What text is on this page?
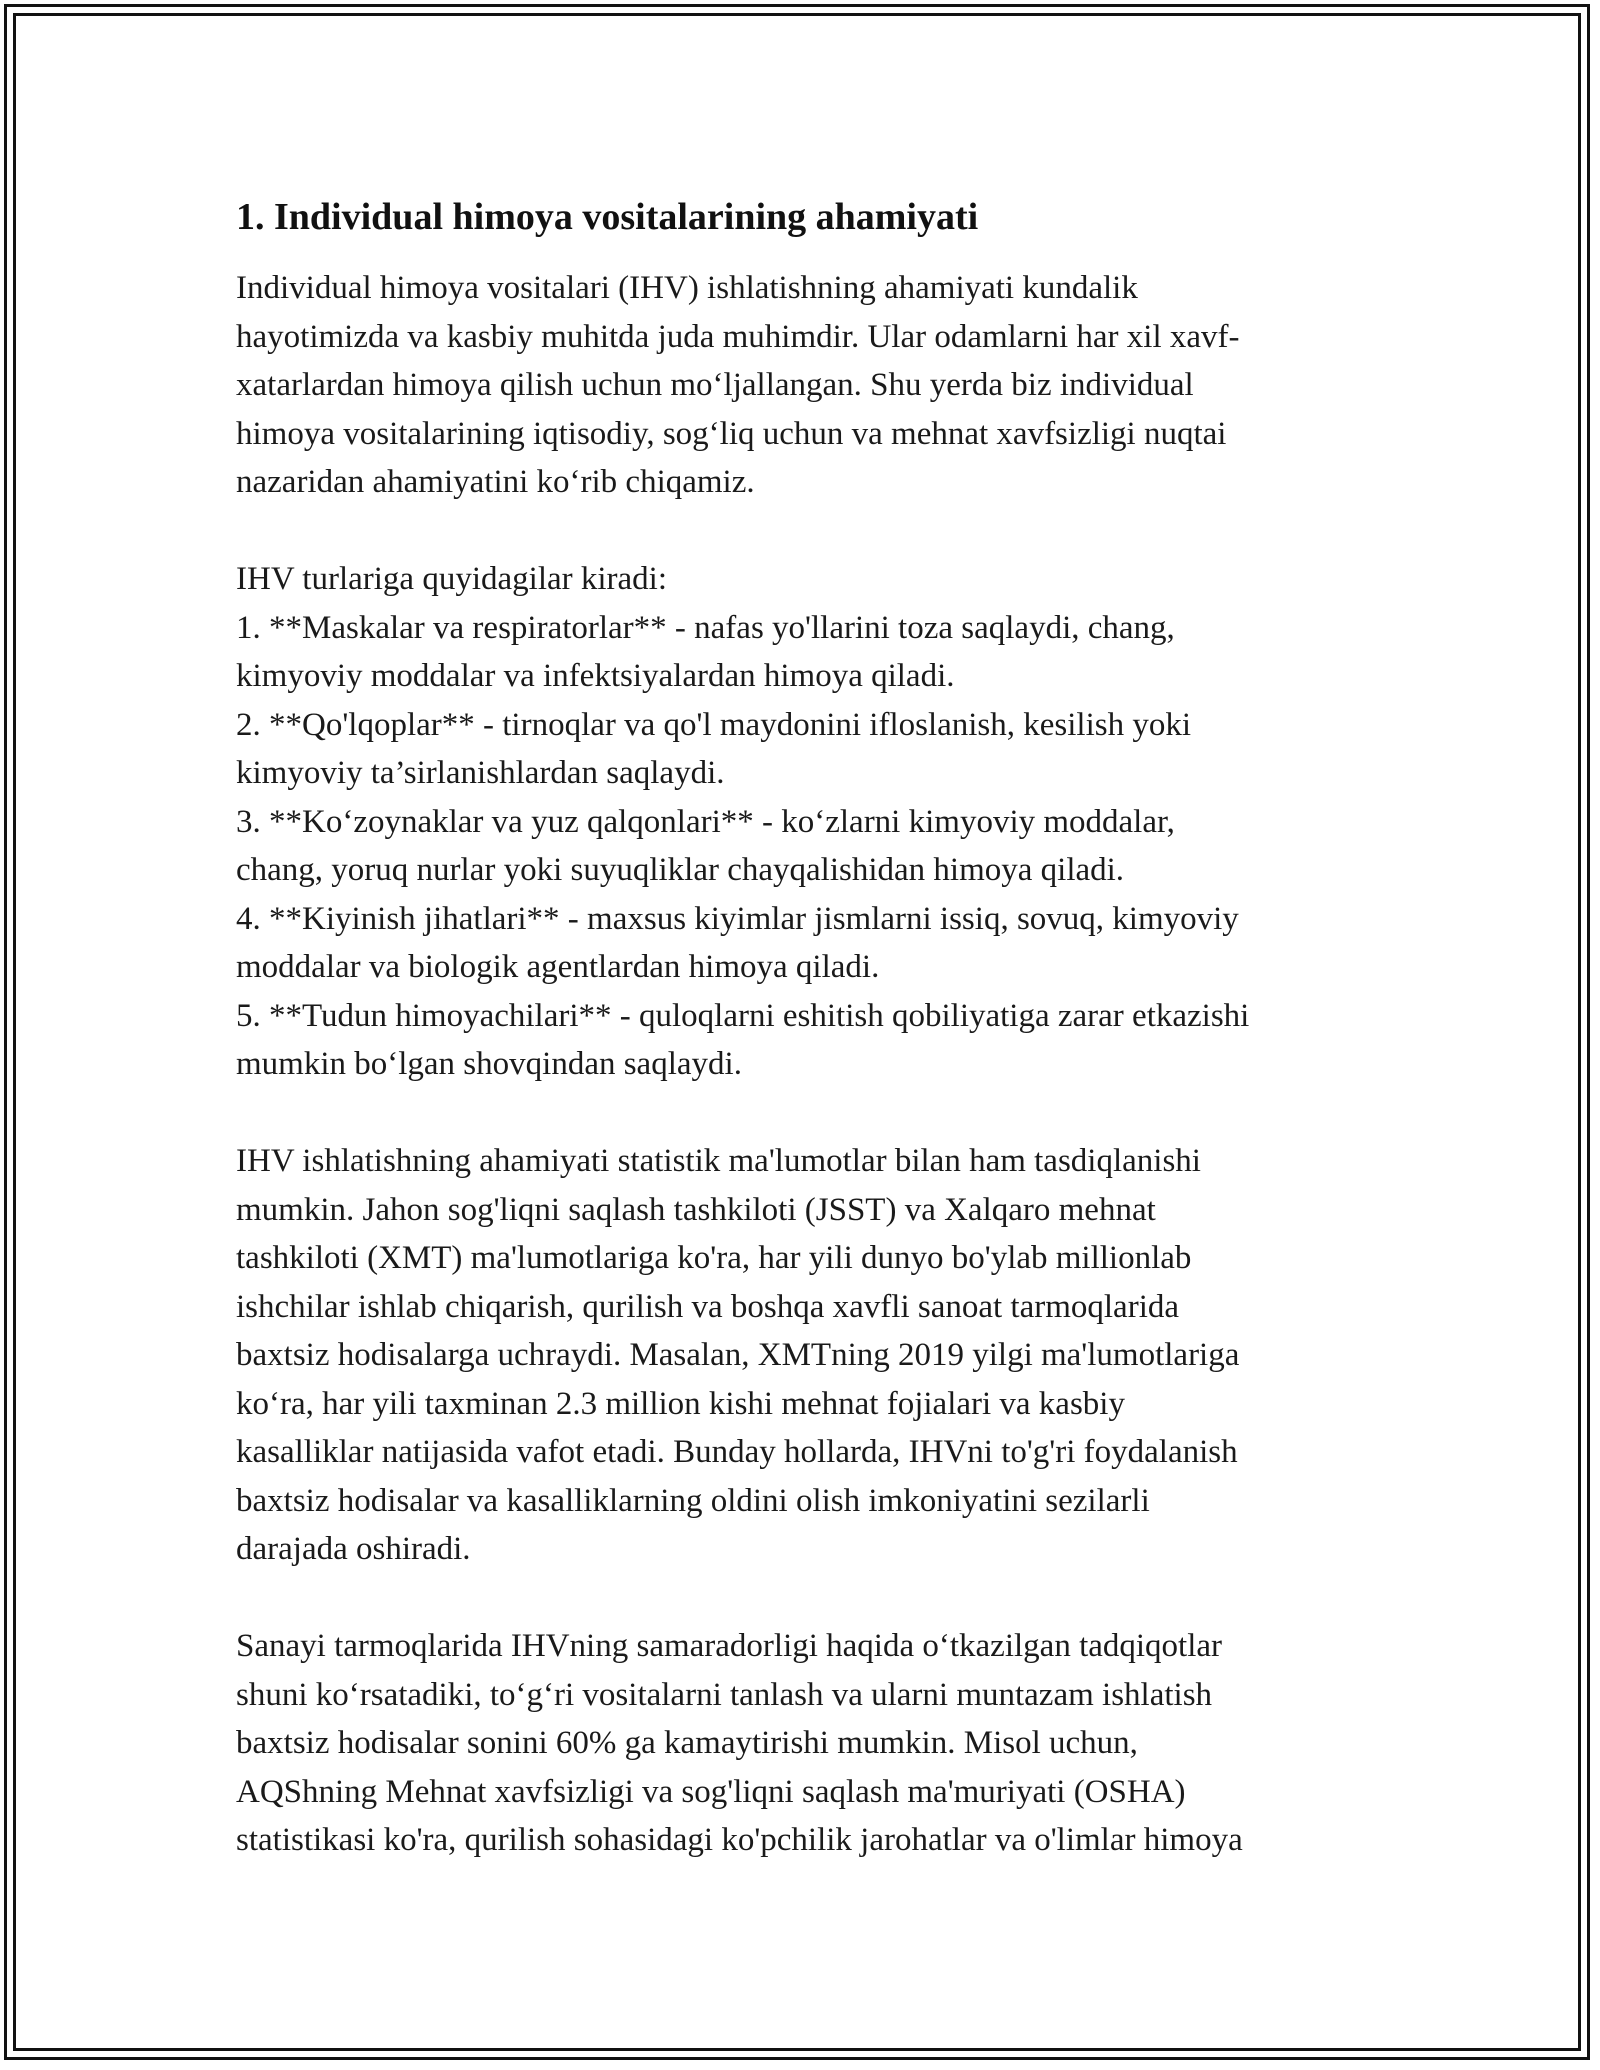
1. Individual himoya vositalarining ahamiyati
Individual himoya vositalari (IHV) ishlatishning ahamiyati kundalik
hayotimizda va kasbiy muhitda juda muhimdir. Ular odamlarni har xil xavf-
xatarlardan himoya qilish uchun mo‘ljallangan. Shu yerda biz individual
himoya vositalarining iqtisodiy, sog‘liq uchun va mehnat xavfsizligi nuqtai
nazaridan ahamiyatini ko‘rib chiqamiz.
IHV turlariga quyidagilar kiradi:
1. **Maskalar va respiratorlar** - nafas yo'llarini toza saqlaydi, chang,
kimyoviy moddalar va infektsiyalardan himoya qiladi.
2. **Qo'lqoplar** - tirnoqlar va qo'l maydonini ifloslanish, kesilish yoki
kimyoviy ta’sirlanishlardan saqlaydi.
3. **Ko‘zoynaklar va yuz qalqonlari** - ko‘zlarni kimyoviy moddalar,
chang, yoruq nurlar yoki suyuqliklar chayqalishidan himoya qiladi.
4. **Kiyinish jihatlari** - maxsus kiyimlar jismlarni issiq, sovuq, kimyoviy
moddalar va biologik agentlardan himoya qiladi.
5. **Tudun himoyachilari** - quloqlarni eshitish qobiliyatiga zarar etkazishi
mumkin bo‘lgan shovqindan saqlaydi.
IHV ishlatishning ahamiyati statistik ma'lumotlar bilan ham tasdiqlanishi
mumkin. Jahon sog'liqni saqlash tashkiloti (JSST) va Xalqaro mehnat
tashkiloti (XMT) ma'lumotlariga ko'ra, har yili dunyo bo'ylab millionlab
ishchilar ishlab chiqarish, qurilish va boshqa xavfli sanoat tarmoqlarida
baxtsiz hodisalarga uchraydi. Masalan, XMTning 2019 yilgi ma'lumotlariga
ko‘ra, har yili taxminan 2.3 million kishi mehnat fojialari va kasbiy
kasalliklar natijasida vafot etadi. Bunday hollarda, IHVni to'g'ri foydalanish
baxtsiz hodisalar va kasalliklarning oldini olish imkoniyatini sezilarli
darajada oshiradi.
Sanayi tarmoqlarida IHVning samaradorligi haqida o‘tkazilgan tadqiqotlar
shuni ko‘rsatadiki, to‘g‘ri vositalarni tanlash va ularni muntazam ishlatish
baxtsiz hodisalar sonini 60% ga kamaytirishi mumkin. Misol uchun,
AQShning Mehnat xavfsizligi va sog'liqni saqlash ma'muriyati (OSHA)
statistikasi ko'ra, qurilish sohasidagi ko'pchilik jarohatlar va o'limlar himoya
